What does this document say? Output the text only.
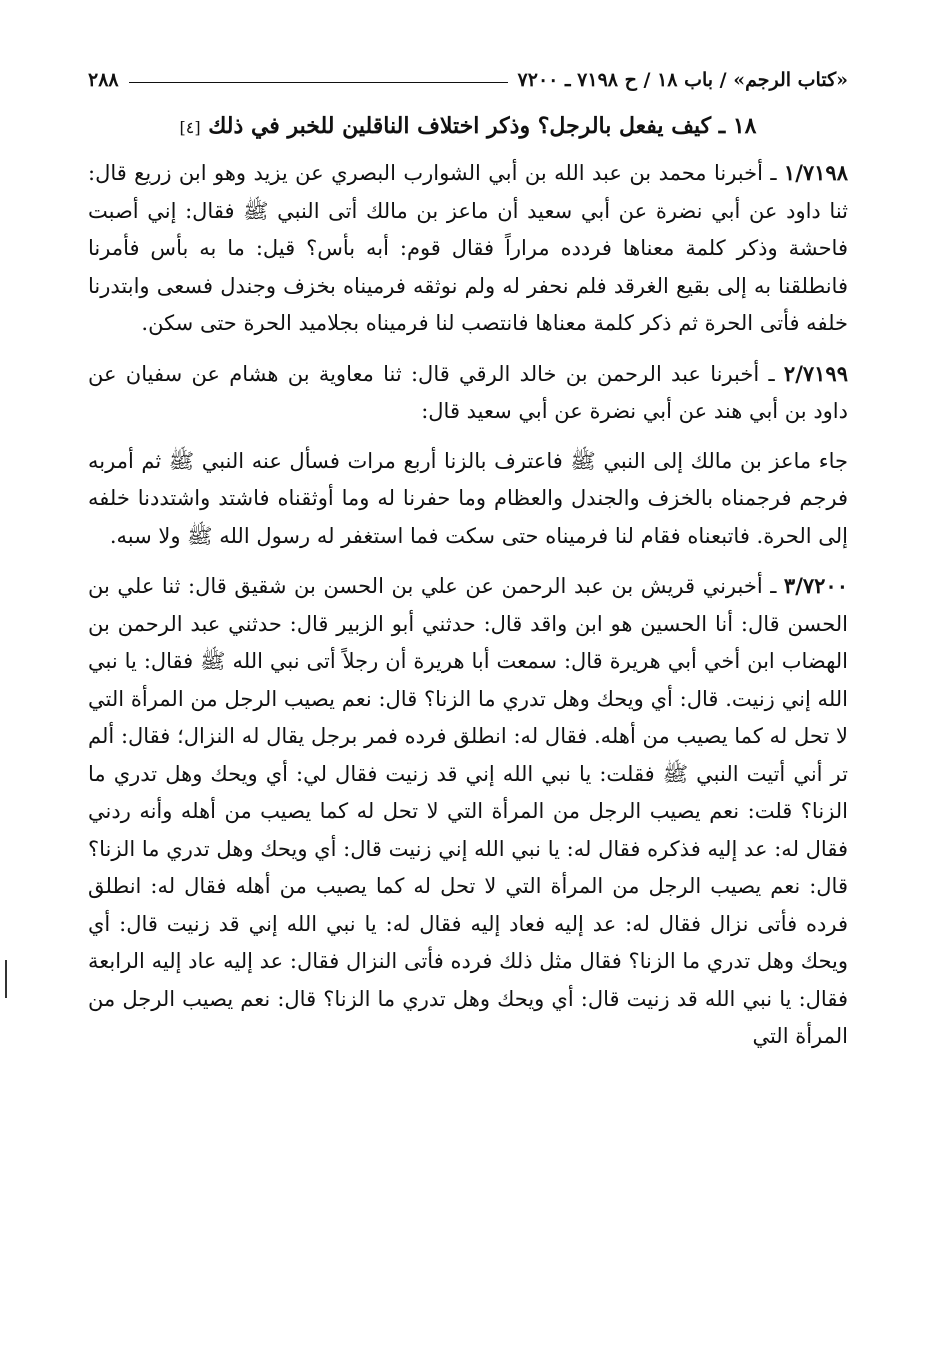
«كتاب الرجم» / باب ١٨ / ح ٧١٩٨ ـ ٧٢٠٠
٢٨٨
١٨ ـ كيف يفعل بالرجل؟ وذكر اختلاف الناقلين للخبر في ذلك [٤]

١/٧١٩٨ ـ أخبرنا محمد بن عبد الله بن أبي الشوارب البصري عن يزيد وهو ابن زريع قال: ثنا داود عن أبي نضرة عن أبي سعيد أن ماعز بن مالك أتى النبي ﷺ فقال: إني أصبت فاحشة وذكر كلمة معناها فردده مراراً فقال قوم: أبه بأس؟ قيل: ما به بأس فأمرنا فانطلقنا به إلى بقيع الغرقد فلم نحفر له ولم نوثقه فرميناه بخزف وجندل فسعى وابتدرنا خلفه فأتى الحرة ثم ذكر كلمة معناها فانتصب لنا فرميناه بجلاميد الحرة حتى سكن.

٢/٧١٩٩ ـ أخبرنا عبد الرحمن بن خالد الرقي قال: ثنا معاوية بن هشام عن سفيان عن داود بن أبي هند عن أبي نضرة عن أبي سعيد قال:

جاء ماعز بن مالك إلى النبي ﷺ فاعترف بالزنا أربع مرات فسأل عنه النبي ﷺ ثم أمربه فرجم فرجمناه بالخزف والجندل والعظام وما حفرنا له وما أوثقناه فاشتد واشتددنا خلفه إلى الحرة. فاتبعناه فقام لنا فرميناه حتى سكت فما استغفر له رسول الله ﷺ ولا سبه.

٣/٧٢٠٠ ـ أخبرني قريش بن عبد الرحمن عن علي بن الحسن بن شقيق قال: ثنا علي بن الحسن قال: أنا الحسين هو ابن واقد قال: حدثني أبو الزبير قال: حدثني عبد الرحمن بن الهضاب ابن أخي أبي هريرة قال: سمعت أبا هريرة أن رجلاً أتى نبي الله ﷺ فقال: يا نبي الله إني زنيت. قال: أي ويحك وهل تدري ما الزنا؟ قال: نعم يصيب الرجل من المرأة التي لا تحل له كما يصيب من أهله. فقال له: انطلق فرده فمر برجل يقال له النزال؛ فقال: ألم تر أني أتيت النبي ﷺ فقلت: يا نبي الله إني قد زنيت فقال لي: أي ويحك وهل تدري ما الزنا؟ قلت: نعم يصيب الرجل من المرأة التي لا تحل له كما يصيب من أهله وأنه ردني فقال له: عد إليه فذكره فقال له: يا نبي الله إني زنيت قال: أي ويحك وهل تدري ما الزنا؟ قال: نعم يصيب الرجل من المرأة التي لا تحل له كما يصيب من أهله فقال له: انطلق فرده فأتى نزال فقال له: عد إليه فعاد إليه فقال له: يا نبي الله إني قد زنيت قال: أي ويحك وهل تدري ما الزنا؟ فقال مثل ذلك فرده فأتى النزال فقال: عد إليه عاد إليه الرابعة فقال: يا نبي الله قد زنيت قال: أي ويحك وهل تدري ما الزنا؟ قال: نعم يصيب الرجل من المرأة التي
